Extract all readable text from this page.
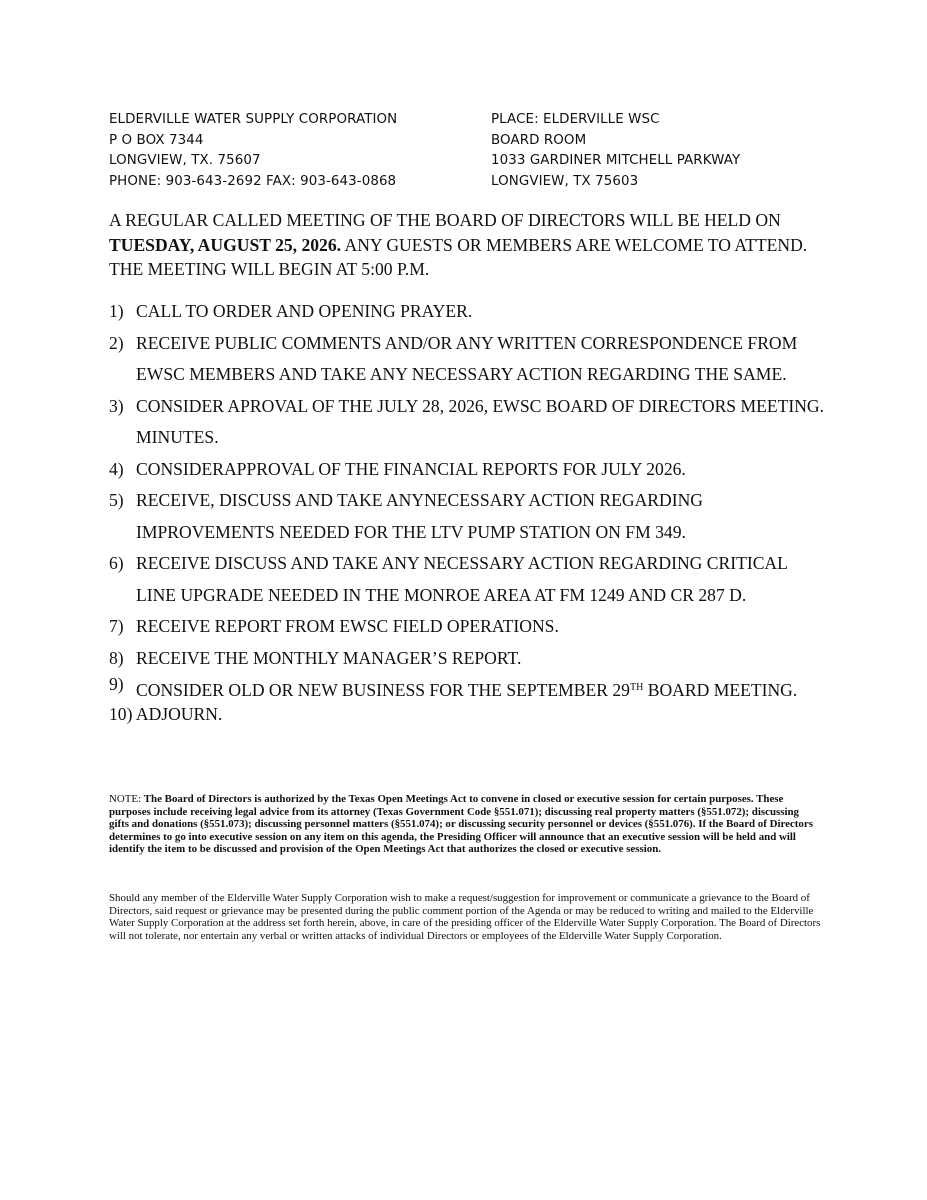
ELDERVILLE WATER SUPPLY CORPORATION
P O BOX 7344
LONGVIEW, TX. 75607
PHONE: 903-643-2692 FAX: 903-643-0868
PLACE: ELDERVILLE WSC
BOARD ROOM
1033 GARDINER MITCHELL PARKWAY
LONGVIEW, TX 75603
A REGULAR CALLED MEETING OF THE BOARD OF DIRECTORS WILL BE HELD ON TUESDAY, AUGUST 25, 2026. ANY GUESTS OR MEMBERS ARE WELCOME TO ATTEND. THE MEETING WILL BEGIN AT 5:00 P.M.
1) CALL TO ORDER AND OPENING PRAYER.
2) RECEIVE PUBLIC COMMENTS AND/OR ANY WRITTEN CORRESPONDENCE FROM EWSC MEMBERS AND TAKE ANY NECESSARY ACTION REGARDING THE SAME.
3) CONSIDER APROVAL OF THE JULY 28, 2026, EWSC BOARD OF DIRECTORS MEETING. MINUTES.
4) CONSIDERAPPROVAL OF THE FINANCIAL REPORTS FOR JULY 2026.
5) RECEIVE, DISCUSS AND TAKE ANYNECESSARY ACTION REGARDING IMPROVEMENTS NEEDED FOR THE LTV PUMP STATION ON FM 349.
6) RECEIVE DISCUSS AND TAKE ANY NECESSARY ACTION REGARDING CRITICAL LINE UPGRADE NEEDED IN THE MONROE AREA AT FM 1249 AND CR 287 D.
7) RECEIVE REPORT FROM EWSC FIELD OPERATIONS.
8) RECEIVE THE MONTHLY MANAGER’S REPORT.
9) CONSIDER OLD OR NEW BUSINESS FOR THE SEPTEMBER 29TH BOARD MEETING.
10) ADJOURN.
NOTE: The Board of Directors is authorized by the Texas Open Meetings Act to convene in closed or executive session for certain purposes. These purposes include receiving legal advice from its attorney (Texas Government Code §551.071); discussing real property matters (§551.072); discussing gifts and donations (§551.073); discussing personnel matters (§551.074); or discussing security personnel or devices (§551.076). If the Board of Directors determines to go into executive session on any item on this agenda, the Presiding Officer will announce that an executive session will be held and will identify the item to be discussed and provision of the Open Meetings Act that authorizes the closed or executive session.
Should any member of the Elderville Water Supply Corporation wish to make a request/suggestion for improvement or communicate a grievance to the Board of Directors, said request or grievance may be presented during the public comment portion of the Agenda or may be reduced to writing and mailed to the Elderville Water Supply Corporation at the address set forth herein, above, in care of the presiding officer of the Elderville Water Supply Corporation. The Board of Directors will not tolerate, nor entertain any verbal or written attacks of individual Directors or employees of the Elderville Water Supply Corporation.
